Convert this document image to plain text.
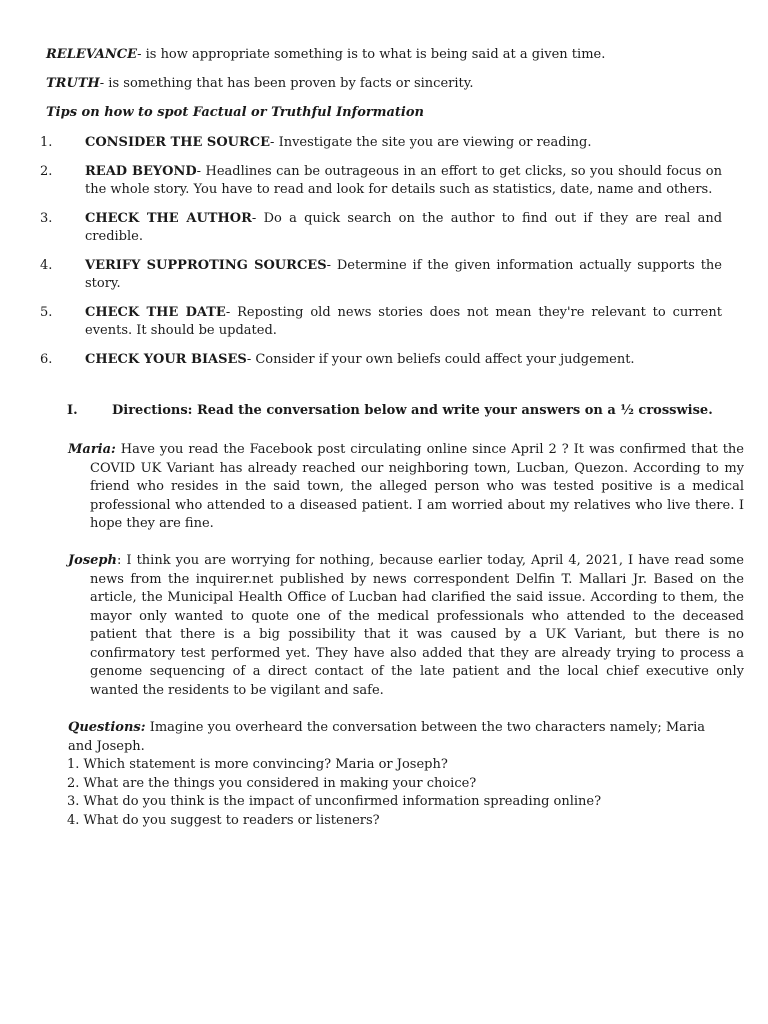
RELEVANCE- is how appropriate something is to what is being said at a given time.

TRUTH- is something that has been proven by facts or sincerity.

Tips on how to spot Factual or Truthful Information

1.	CONSIDER THE SOURCE- Investigate the site you are viewing or reading.
2.	READ BEYOND- Headlines can be outrageous in an effort to get clicks, so you should focus on the whole story. You have to read and look for details such as statistics, date, name and others.
3.	CHECK THE AUTHOR- Do a quick search on the author to find out if they are real and credible.
4.	VERIFY SUPPROTING SOURCES- Determine if the given information actually supports the story.
5.	CHECK THE DATE- Reposting old news stories does not mean they're relevant to current events. It should be updated.
6.	CHECK YOUR BIASES- Consider if your own beliefs could affect your judgement.

I.	Directions: Read the conversation below and write your answers on a ½ crosswise.

Maria: Have you read the Facebook post circulating online since April 2 ? It was confirmed that the COVID UK Variant has already reached our neighboring town, Lucban, Quezon. According to my friend who resides in the said town, the alleged person who was tested positive is a medical professional who attended to a diseased patient. I am worried about my relatives who live there. I hope they are fine.

Joseph: I think you are worrying for nothing, because earlier today, April 4, 2021, I have read some news from the inquirer.net published by news correspondent Delfin T. Mallari Jr. Based on the article, the Municipal Health Office of Lucban had clarified the said issue. According to them, the mayor only wanted to quote one of the medical professionals who attended to the deceased patient that there is a big possibility that it was caused by a UK Variant, but there is no confirmatory test performed yet. They have also added that they are already trying to process a genome sequencing of a direct contact of the late patient and the local chief executive only wanted the residents to be vigilant and safe.

Questions: Imagine you overheard the conversation between the two characters namely; Maria and Joseph.

1. Which statement is more convincing? Maria or Joseph?
2. What are the things you considered in making your choice?
3. What do you think is the impact of unconfirmed information spreading online?
4. What do you suggest to readers or listeners?
